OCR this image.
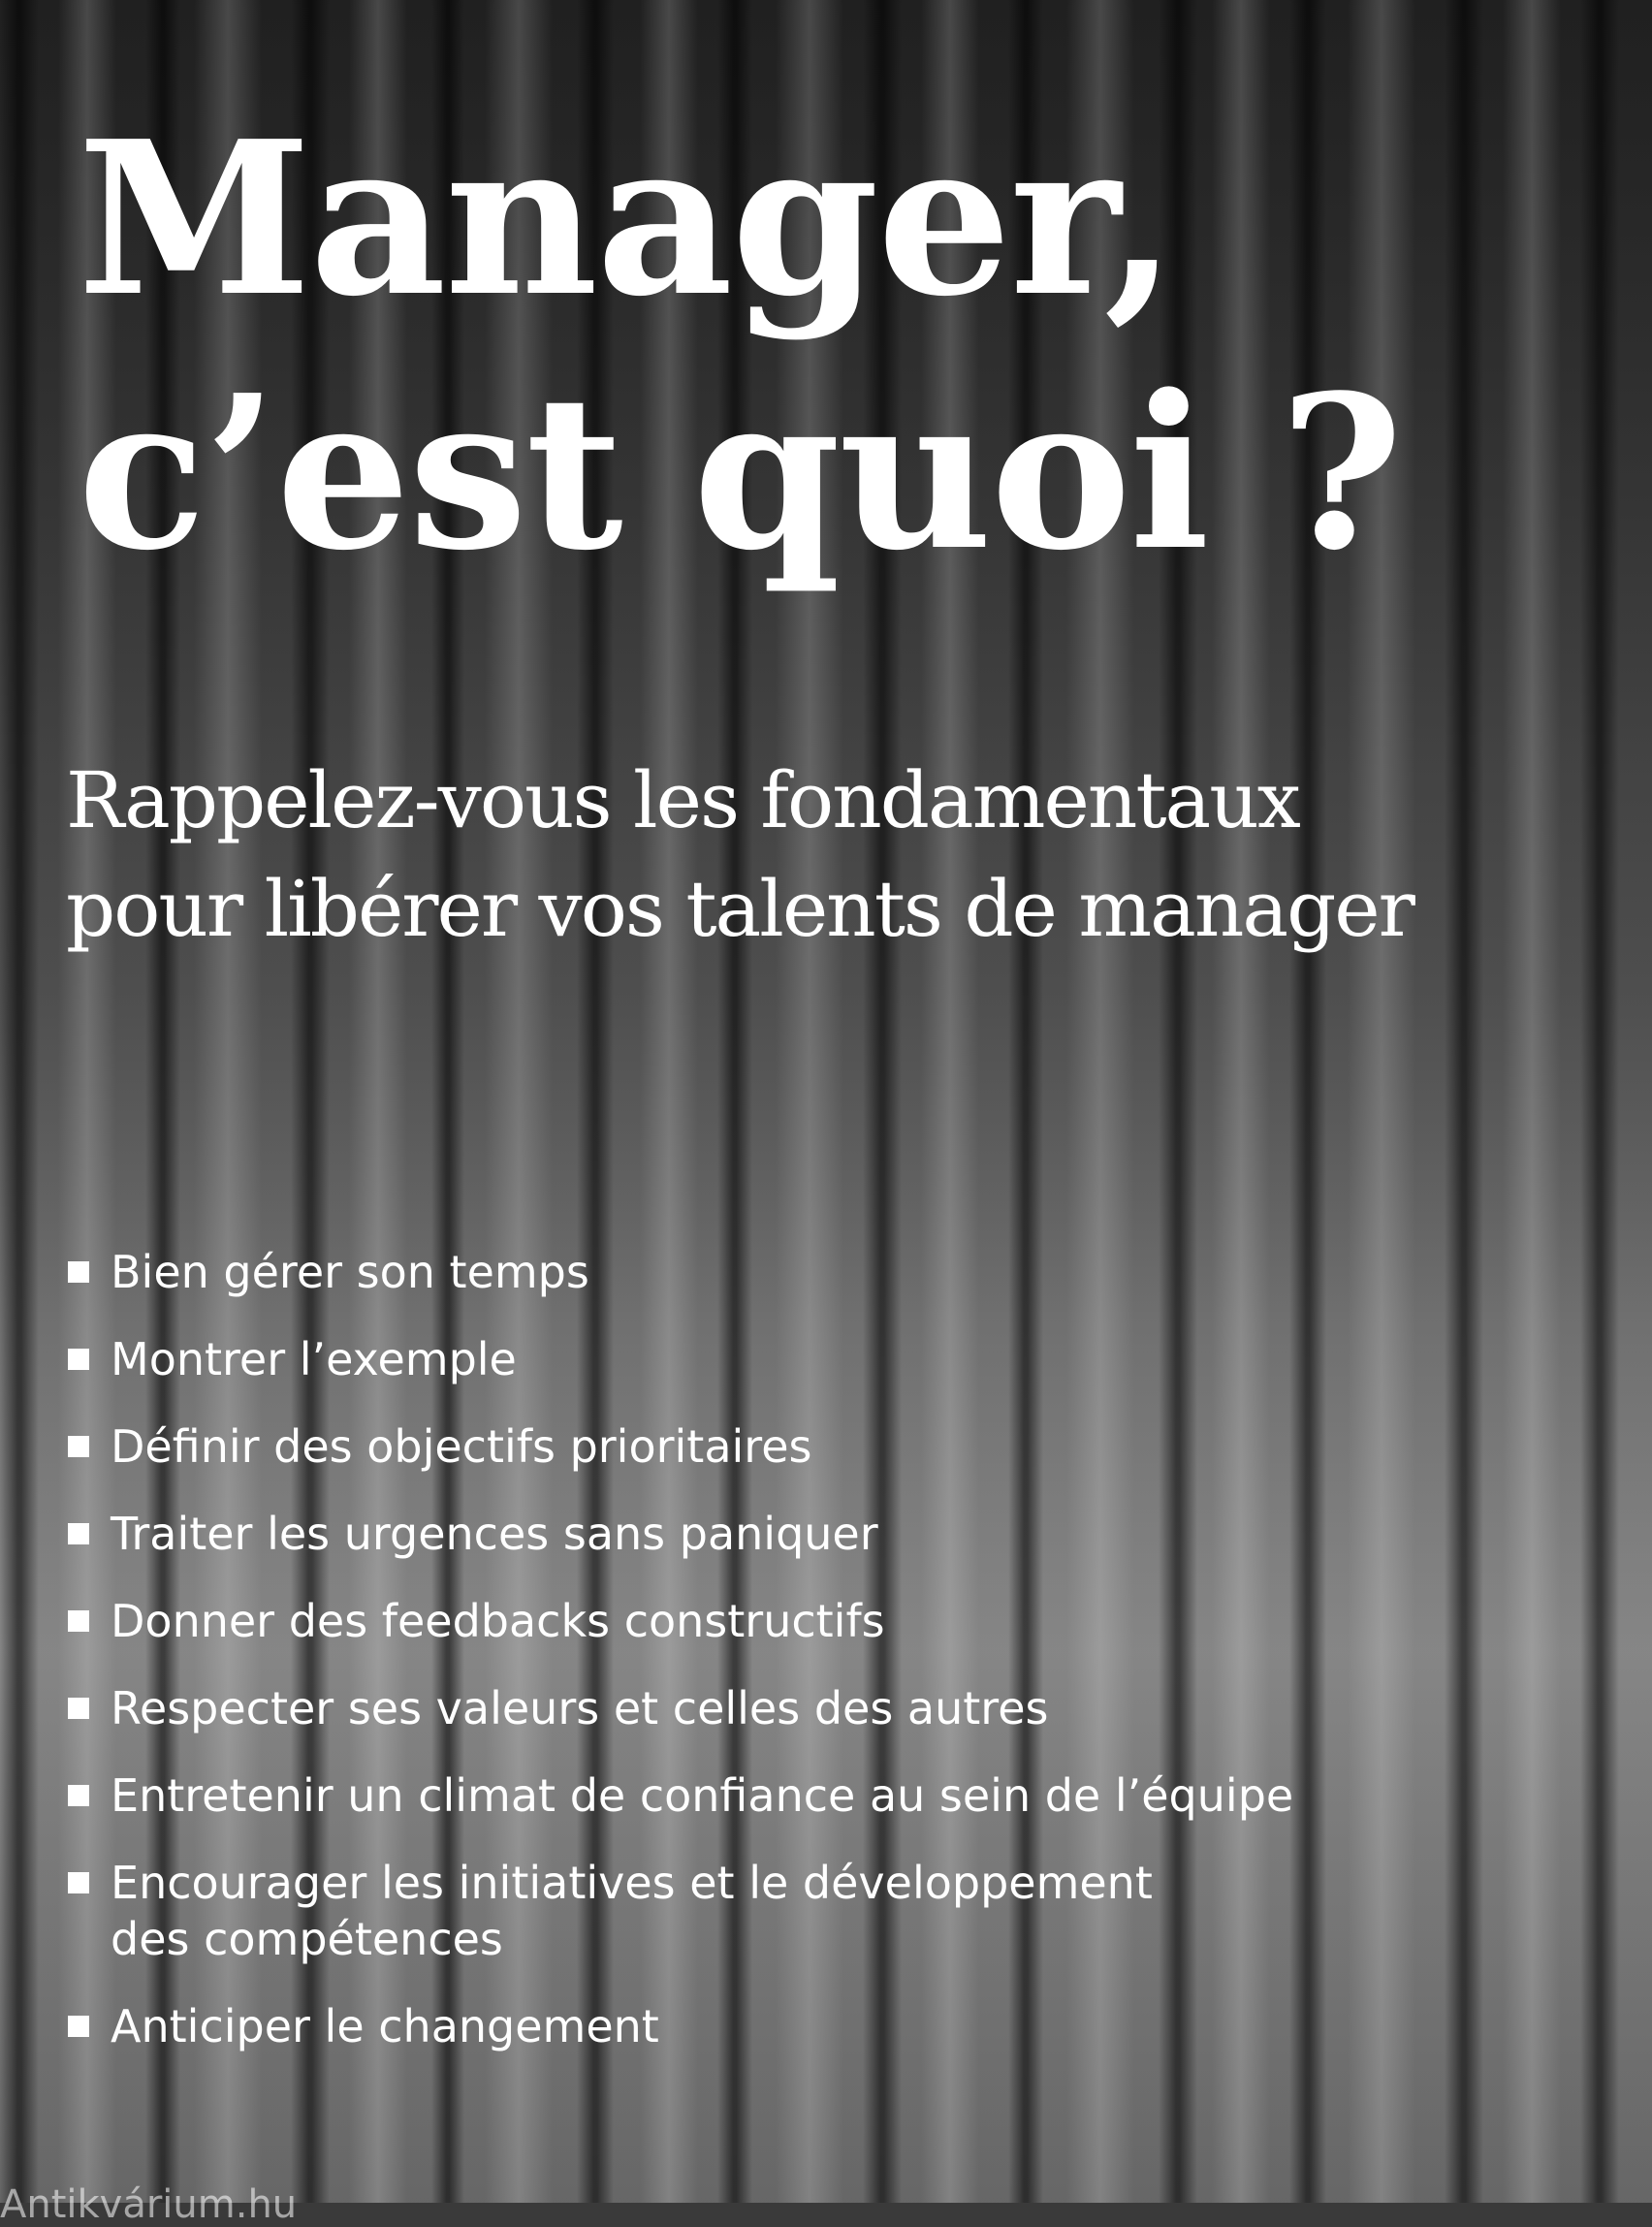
Manager,
c’est quoi ?
Rappelez-vous les fondamentaux
pour libérer vos talents de manager
Bien gérer son temps
Montrer l’exemple
Définir des objectifs prioritaires
Traiter les urgences sans paniquer
Donner des feedbacks constructifs
Respecter ses valeurs et celles des autres
Entretenir un climat de confiance au sein de l’équipe
Encourager les initiatives et le développement
des compétences
Anticiper le changement
Antikvárium.hu
